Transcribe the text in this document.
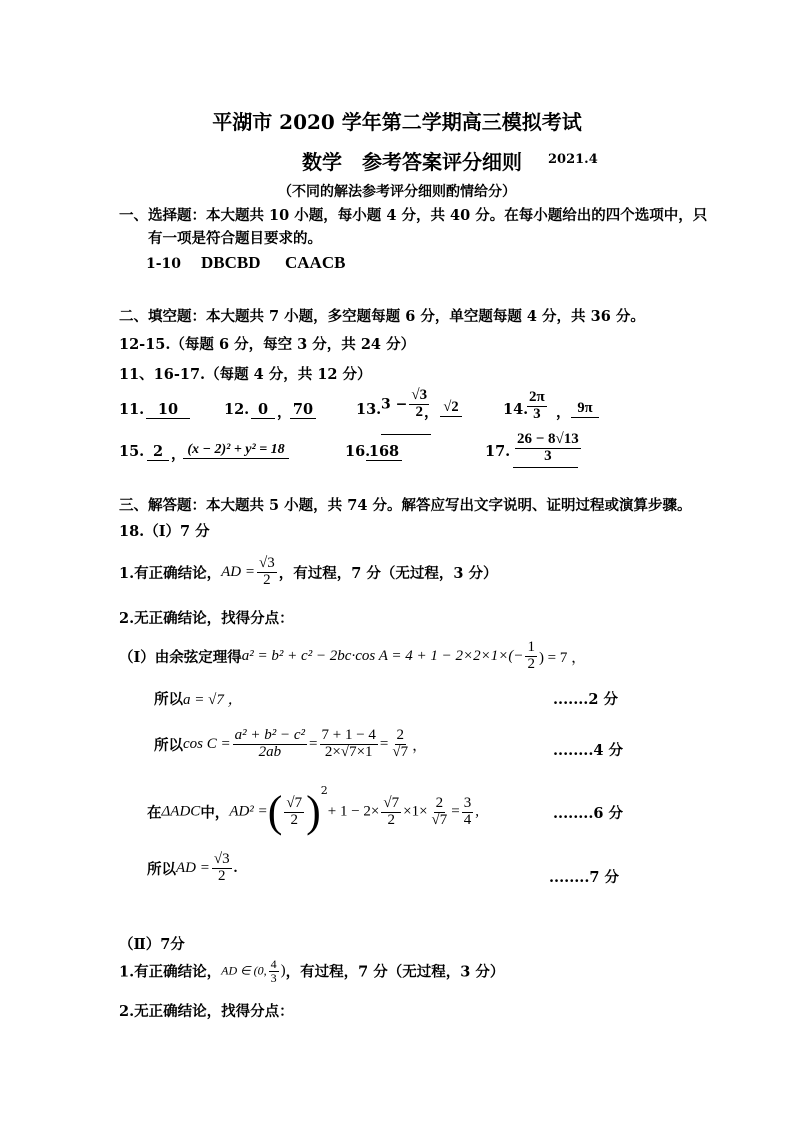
平湖市 2020 学年第二学期高三模拟考试
数学　参考答案评分细则 2021.4
（不同的解法参考评分细则酌情给分）
一、选择题：本大题共 10 小题，每小题 4 分，共 40 分。在每小题给出的四个选项中，只
有一项是符合题目要求的。
1-10 DBCBD CAACB
二、填空题：本大题共 7 小题，多空题每题 6 分，单空题每题 4 分，共 36 分。
12-15.（每题 6 分，每空 3 分，共 24 分）
11、16-17.（每题 4 分，共 12 分）
11. 10	12. 0 ， 70	13. $3 - \frac{√3}{2}$
， √2	14.
$\frac{2\pi}{3}$ ， 9π
15. 2 ， (x − 2)² + y² = 18	16.
168	17. $\frac{26 - 8√13}{3}$
三、解答题：本大题共 5 小题，共 74 分。解答应写出文字说明、证明过程或演算步骤。
18.（Ⅰ）7 分
1.有正确结论，AD = $\frac{√3}{2}$ ，有过程，7 分（无过程，3 分）
2.无正确结论，找得分点：
（Ⅰ）由余弦定理得a² = b² + c² − 2bc·cos $A = 4 + 1 - 2\times 2\times 1\times(- \frac{1}{2}$ ) = 7 ，
所以a = √7 ，	.......2 分
所以$\cos C = \frac{\text{a² + b² − c²}}{2ab} = \frac{7 + 1 - 4}{2\times√7\times 1} = \frac{2}{√7}$ ，	........4 分
在ΔADC中，AD² =( $\frac{√7}{2} )^2+ 1 - 2\times \frac{√7}{2} \times 1\times \frac{2}{√7} = \frac{3}{4}$ ,	........6 分
所以AD = $\frac{√3}{2}$ .
........7 分
（Ⅱ）7分
1.有正确结论，AD ∈ (0, $\frac{4}{3}$ )，有过程，7 分（无过程，3 分）
2.无正确结论，找得分点：
